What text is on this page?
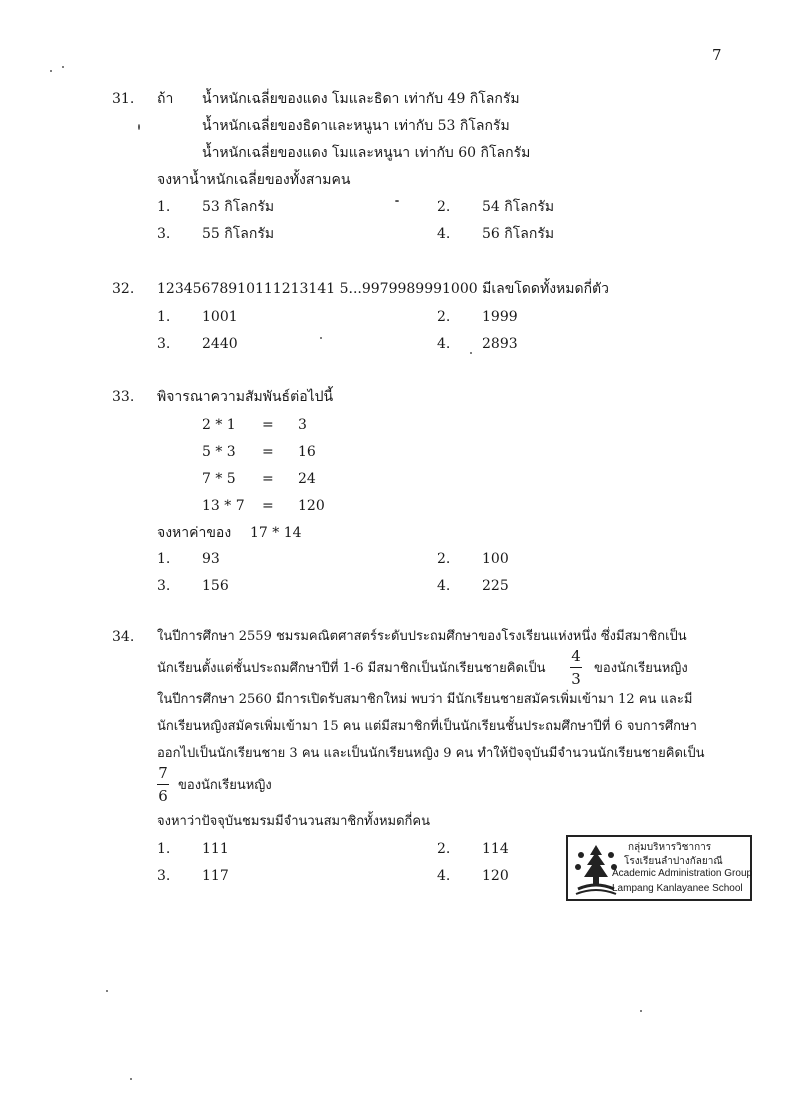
7
31. ถ้า น้ำหนักเฉลี่ยของแดง โมและธิดา เท่ากับ 49 กิโลกรัม
น้ำหนักเฉลี่ยของธิดาและหนูนา เท่ากับ 53 กิโลกรัม
น้ำหนักเฉลี่ยของแดง โมและหนูนา เท่ากับ 60 กิโลกรัม
จงหาน้ำหนักเฉลี่ยของทั้งสามคน
1. 53 กิโลกรัม	2. 54 กิโลกรัม
3. 55 กิโลกรัม	4. 56 กิโลกรัม
32. 12345678910111213141 5...9979989991000 มีเลขโดดทั้งหมดกี่ตัว
1. 1001	2. 1999
3. 2440	4. 2893
33. พิจารณาความสัมพันธ์ต่อไปนี้
2 * 1 = 3
5 * 3 = 16
7 * 5 = 24
13 * 7 = 120
จงหาค่าของ 17 * 14
1. 93	2. 100
3. 156	4. 225
34. ในปีการศึกษา 2559 ชมรมคณิตศาสตร์ระดับประถมศึกษาของโรงเรียนแห่งหนึ่ง ซึ่งมีสมาชิกเป็น
นักเรียนตั้งแต่ชั้นประถมศึกษาปีที่ 1-6 มีสมาชิกเป็นนักเรียนชายคิดเป็น
4
3
ของนักเรียนหญิง
ในปีการศึกษา 2560 มีการเปิดรับสมาชิกใหม่ พบว่า มีนักเรียนชายสมัครเพิ่มเข้ามา 12 คน และมี
นักเรียนหญิงสมัครเพิ่มเข้ามา 15 คน แต่มีสมาชิกที่เป็นนักเรียนชั้นประถมศึกษาปีที่ 6 จบการศึกษา
ออกไปเป็นนักเรียนชาย 3 คน และเป็นนักเรียนหญิง 9 คน ทำให้ปัจจุบันมีจำนวนนักเรียนชายคิดเป็น
7
6
ของนักเรียนหญิง
จงหาว่าปัจจุบันชมรมมีจำนวนสมาชิกทั้งหมดกี่คน
1. 111	2. 114
3. 117	4. 120
กลุ่มบริหารวิชาการ
โรงเรียนลำปางกัลยาณี
Academic Administration Group
Lampang Kanlayanee School
